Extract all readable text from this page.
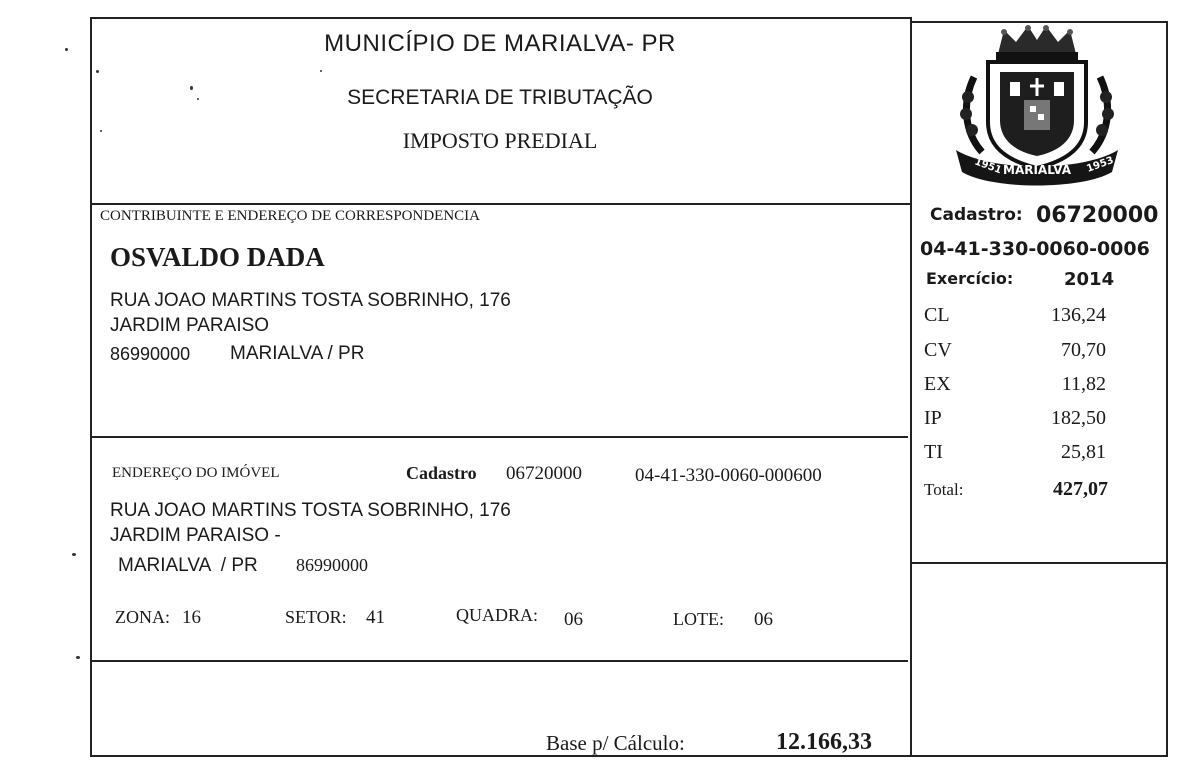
MUNICÍPIO DE MARIALVA- PR
SECRETARIA DE TRIBUTAÇÃO
IMPOSTO PREDIAL
MARIALVA
1951	1953
CONTRIBUINTE E ENDEREÇO DE CORRESPONDENCIA
OSVALDO DADA
RUA JOAO MARTINS TOSTA SOBRINHO, 176
JARDIM PARAISO
86990000 MARIALVA / PR
ENDEREÇO DO IMÓVEL	Cadastro 06720000	04-41-330-0060-000600
RUA JOAO MARTINS TOSTA SOBRINHO, 176
JARDIM PARAISO -
MARIALVA  / PR 86990000
ZONA: 16	SETOR: 41	QUADRA: 06	LOTE: 06
Base p/ Cálculo:	12.166,33
Cadastro: 06720000
04-41-330-0060-0006
Exercício:	2014
CL	136,24
CV	70,70
EX	11,82
IP	182,50
TI	25,81
Total:	427,07
